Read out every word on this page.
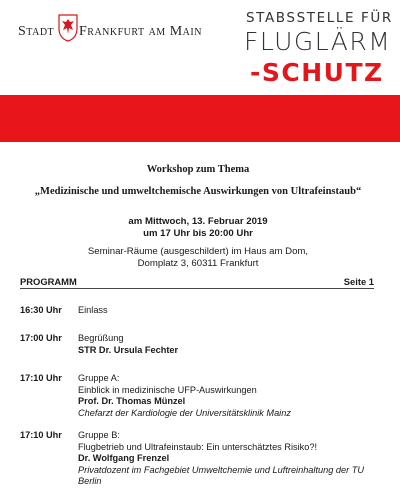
Stadt Frankfurt am Main
STABSSTELLE FÜR
FLUGLÄRM
-SCHUTZ
Workshop zum Thema
„Medizinische und umweltchemische Auswirkungen von Ultrafeinstaub“
am Mittwoch, 13. Februar 2019
um 17 Uhr bis 20:00 Uhr
Seminar-Räume (ausgeschildert) im Haus am Dom,
Domplatz 3, 60311 Frankfurt
PROGRAMM	Seite 1
16:30 Uhr Einlass
17:00 Uhr Begrüßung
STR Dr. Ursula Fechter
17:10 Uhr Gruppe A:
Einblick in medizinische UFP-Auswirkungen
Prof. Dr. Thomas Münzel
Chefarzt der Kardiologie der Universitätsklinik Mainz
17:10 Uhr Gruppe B:
Flugbetrieb und Ultrafeinstaub: Ein unterschätztes Risiko?!
Dr. Wolfgang Frenzel
Privatdozent im Fachgebiet Umweltchemie und Luftreinhaltung der TU Berlin
